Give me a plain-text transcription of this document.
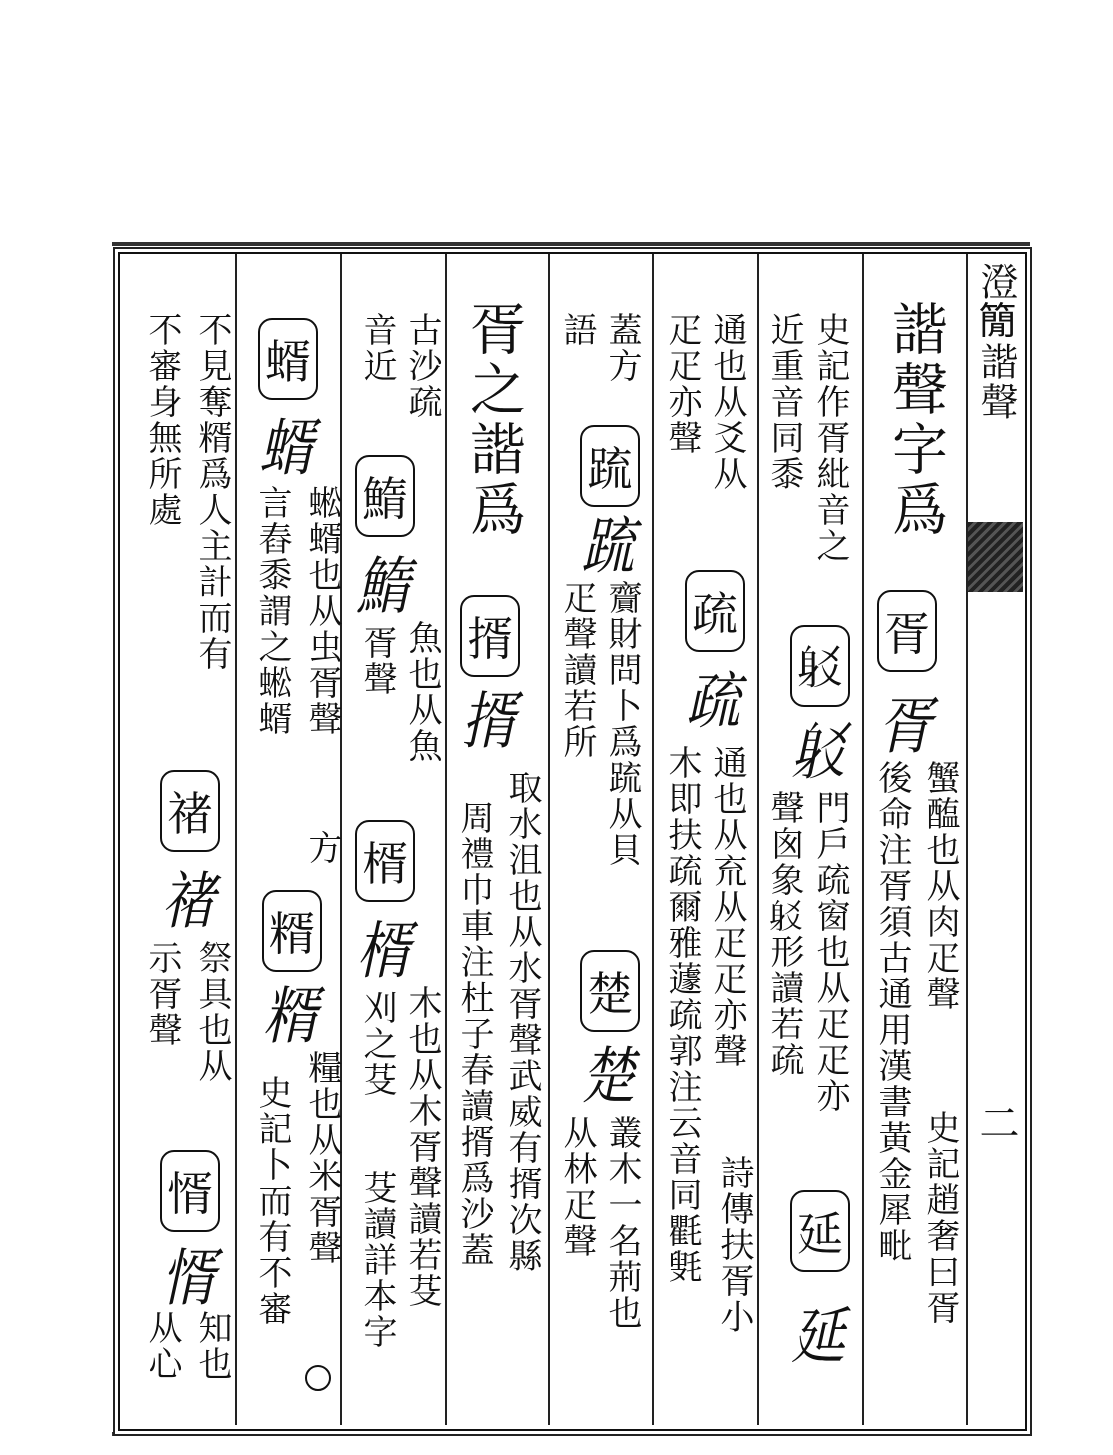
澄𥳑諧聲
二
諧聲字爲
胥
胥
蟹醢也从肉疋聲
後命注胥須古通用漢書黃金犀毗 史記趙奢曰胥
史記作胥紕音之
𨈠
𨈠
門戶疏窗也从疋疋亦
延
延
近重音同黍
聲囪象𨈠形讀若疏
詩傳扶胥小
通也从爻从
疏
疏
通也从㐬从疋疋亦聲
疋疋亦聲
木即扶疏爾雅蘧疏郭注云音同氍㲣
蓋方
䟽
䟽
齎財問卜爲䟽从貝
楚
楚
叢木一名荊也
語
疋聲讀若所
从林疋聲
胥之諧爲
揟
揟
取水沮也从水胥聲武威有揟次縣
周禮巾車注杜子春讀揟爲沙蓋
古沙疏
鰖
鰖
魚也从魚
楈
楈
木也从木胥聲讀若芟
音近
胥聲
刈之芟
芟讀詳本字
蝑
蝑
蜙蝑也从虫胥聲
方
糈
糈
糧也从米胥聲
言舂黍謂之蜙蝑
史記卜而有不審
不見奪糈爲人主計而有
禇
禇
祭具也从
㥠
㥠
知也
不審身無所處
示胥聲
从心
